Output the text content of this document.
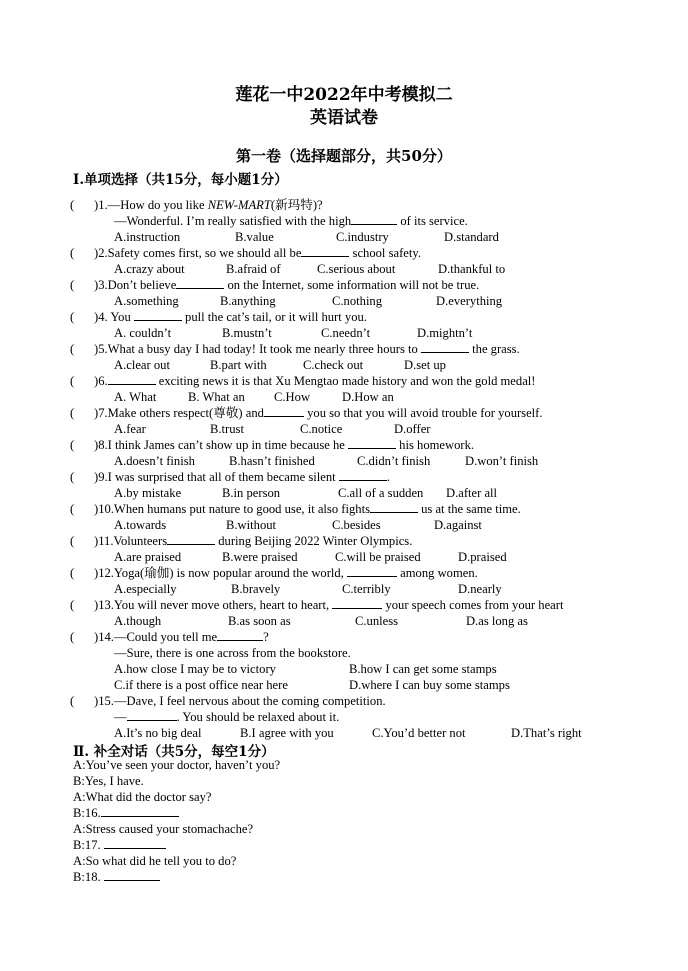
莲花一中2022年中考模拟二
英语试卷
第一卷（选择题部分，共50分）
Ⅰ.单项选择（共15分，每小题1分）
( )1.—How do you like NEW-MART(新玛特)?
—Wonderful. I’m really satisfied with the high	of its service.
A.instruction	B.value	C.industry	D.standard
( )2.Safety comes first, so we should all be	school safety.
A.crazy about	B.afraid of	C.serious about	D.thankful to
( )3.Don’t believe	on the Internet, some information will not be true.
A.something	B.anything	C.nothing	D.everything
( )4. You	pull the cat’s tail, or it will hurt you.
A. couldn’t	B.mustn’t	C.needn’t	D.mightn’t
( )5.What a busy day I had today! It took me nearly three hours to	the grass.
A.clear out	B.part with	C.check out	D.set up
( )6.	exciting news it is that Xu Mengtao made history and won the gold medal!
A. What	B. What an C.How	D.How an
( )7.Make others respect(尊敬) and	you so that you will avoid trouble for yourself.
A.fear	B.trust	C.notice	D.offer
( )8.I think James can’t show up in time because he	his homework.
A.doesn’t finish	B.hasn’t finished	C.didn’t finish	D.won’t finish
( )9.I was surprised that all of them became silent	.
A.by mistake	B.in person	C.all of a sudden D.after all
( )10.When humans put nature to good use, it also fights	us at the same time.
A.towards	B.without	C.besides	D.against
( )11.Volunteers	during Beijing 2022 Winter Olympics.
A.are praised	B.were praised	C.will be praised	D.praised
( )12.Yoga(瑜伽) is now popular around the world,	among women.
A.especially	B.bravely	C.terribly	D.nearly
( )13.You will never move others, heart to heart,	your speech comes from your heart
A.though	B.as soon as	C.unless	D.as long as
( )14.—Could you tell me	?
—Sure, there is one across from the bookstore.
A.how close I may be to victory	B.how I can get some stamps
C.if there is a post office near here	D.where I can buy some stamps
( )15.—Dave, I feel nervous about the coming competition.
—	. You should be relaxed about it.
A.It’s no big deal	B.I agree with you	C.You’d better not	D.That’s right
Ⅱ. 补全对话（共5分，每空1分）
A:You’ve seen your doctor, haven’t you?
B:Yes, I have.
A:What did the doctor say?
B:16.
A:Stress caused your stomachache?
B:17.
A:So what did he tell you to do?
B:18.
